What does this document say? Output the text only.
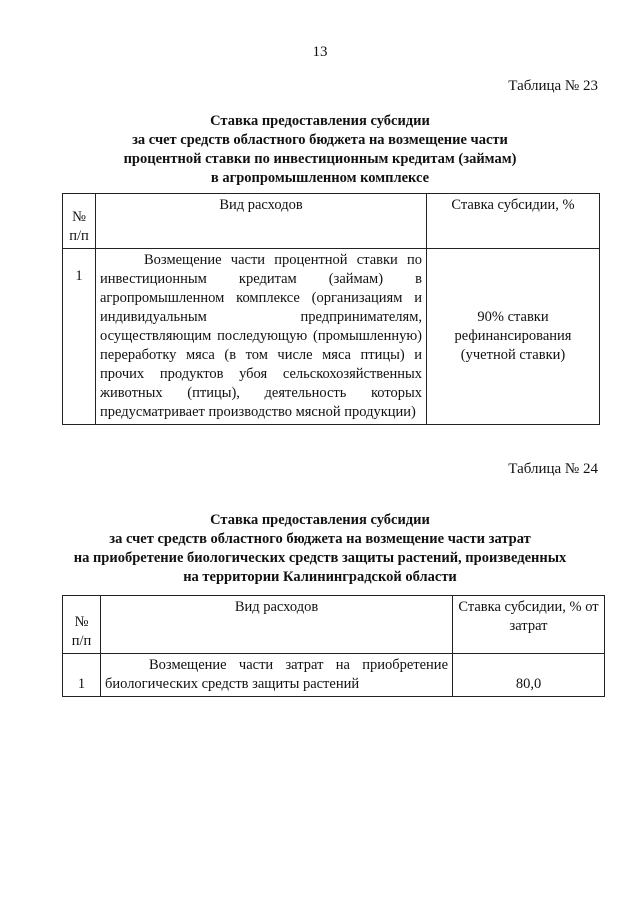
13
Таблица № 23
Ставка предоставления субсидии
за счет средств областного бюджета на возмещение части
процентной ставки по инвестиционным кредитам (займам)
в агропромышленном комплексе
№ п/п	Вид расходов	Ставка субсидии, %
1	Возмещение части процентной ставки по инвестиционным кредитам (займам) в агропромышленном комплексе (организациям и индивидуальным предпринимателям, осуществляющим последующую (промышленную) переработку мяса (в том числе мяса птицы) и прочих продуктов убоя сельскохозяйственных животных (птицы), деятельность которых предусматривает производство мясной продукции)	90% ставки рефинансирования (учетной ставки)
Таблица № 24
Ставка предоставления субсидии
за счет средств областного бюджета на возмещение части затрат
на приобретение биологических средств защиты растений, произведенных
на территории Калининградской области
№ п/п	Вид расходов	Ставка субсидии, % от затрат
1	Возмещение части затрат на приобретение биологических средств защиты растений	80,0
